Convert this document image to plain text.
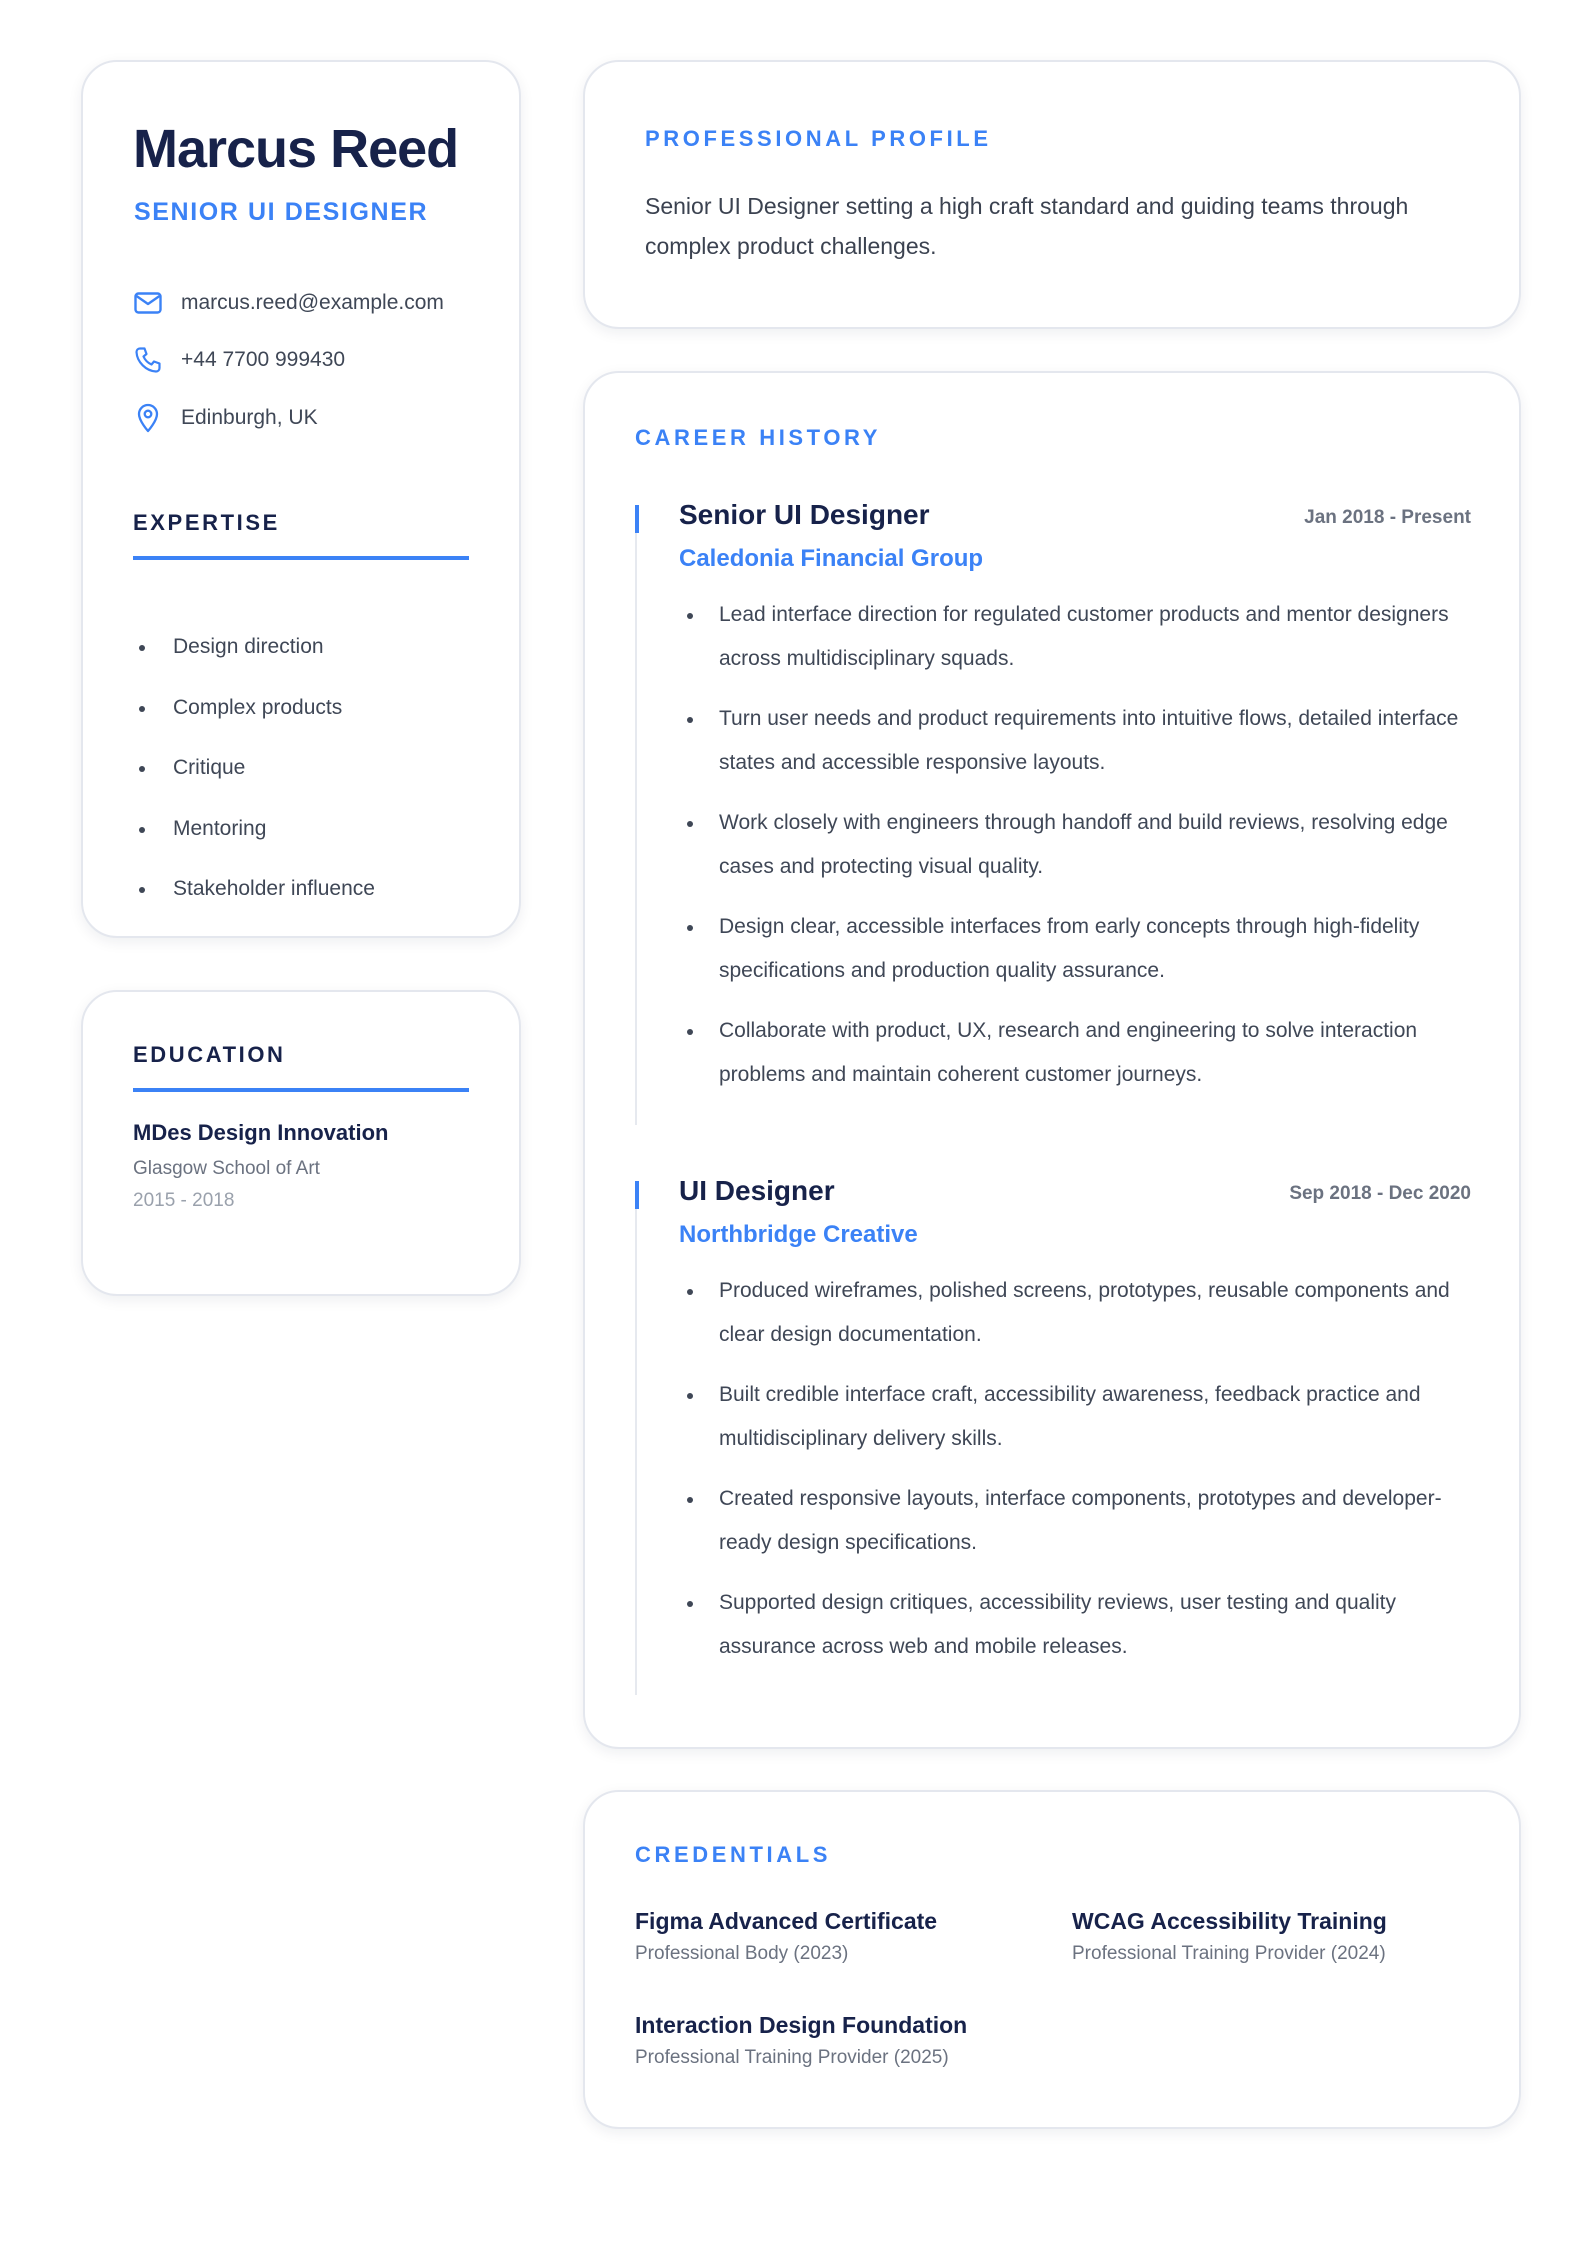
Marcus Reed
SENIOR UI DESIGNER
marcus.reed@example.com
+44 7700 999430
Edinburgh, UK
EXPERTISE
Design direction
Complex products
Critique
Mentoring
Stakeholder influence
EDUCATION
MDes Design Innovation
Glasgow School of Art
2015 - 2018
PROFESSIONAL PROFILE

Senior UI Designer setting a high craft standard and guiding teams through complex product challenges.

CAREER HISTORY
Senior UI Designer	Jan 2018 - Present
Caledonia Financial Group
Lead interface direction for regulated customer products and mentor designers across multidisciplinary squads.
Turn user needs and product requirements into intuitive flows, detailed interface states and accessible responsive layouts.
Work closely with engineers through handoff and build reviews, resolving edge cases and protecting visual quality.
Design clear, accessible interfaces from early concepts through high-fidelity specifications and production quality assurance.
Collaborate with product, UX, research and engineering to solve interaction problems and maintain coherent customer journeys.
UI Designer	Sep 2018 - Dec 2020
Northbridge Creative
Produced wireframes, polished screens, prototypes, reusable components and clear design documentation.
Built credible interface craft, accessibility awareness, feedback practice and multidisciplinary delivery skills.
Created responsive layouts, interface components, prototypes and developer-ready design specifications.
Supported design critiques, accessibility reviews, user testing and quality assurance across web and mobile releases.
CREDENTIALS
Figma Advanced Certificate
Professional Body (2023)
WCAG Accessibility Training
Professional Training Provider (2024)
Interaction Design Foundation
Professional Training Provider (2025)
